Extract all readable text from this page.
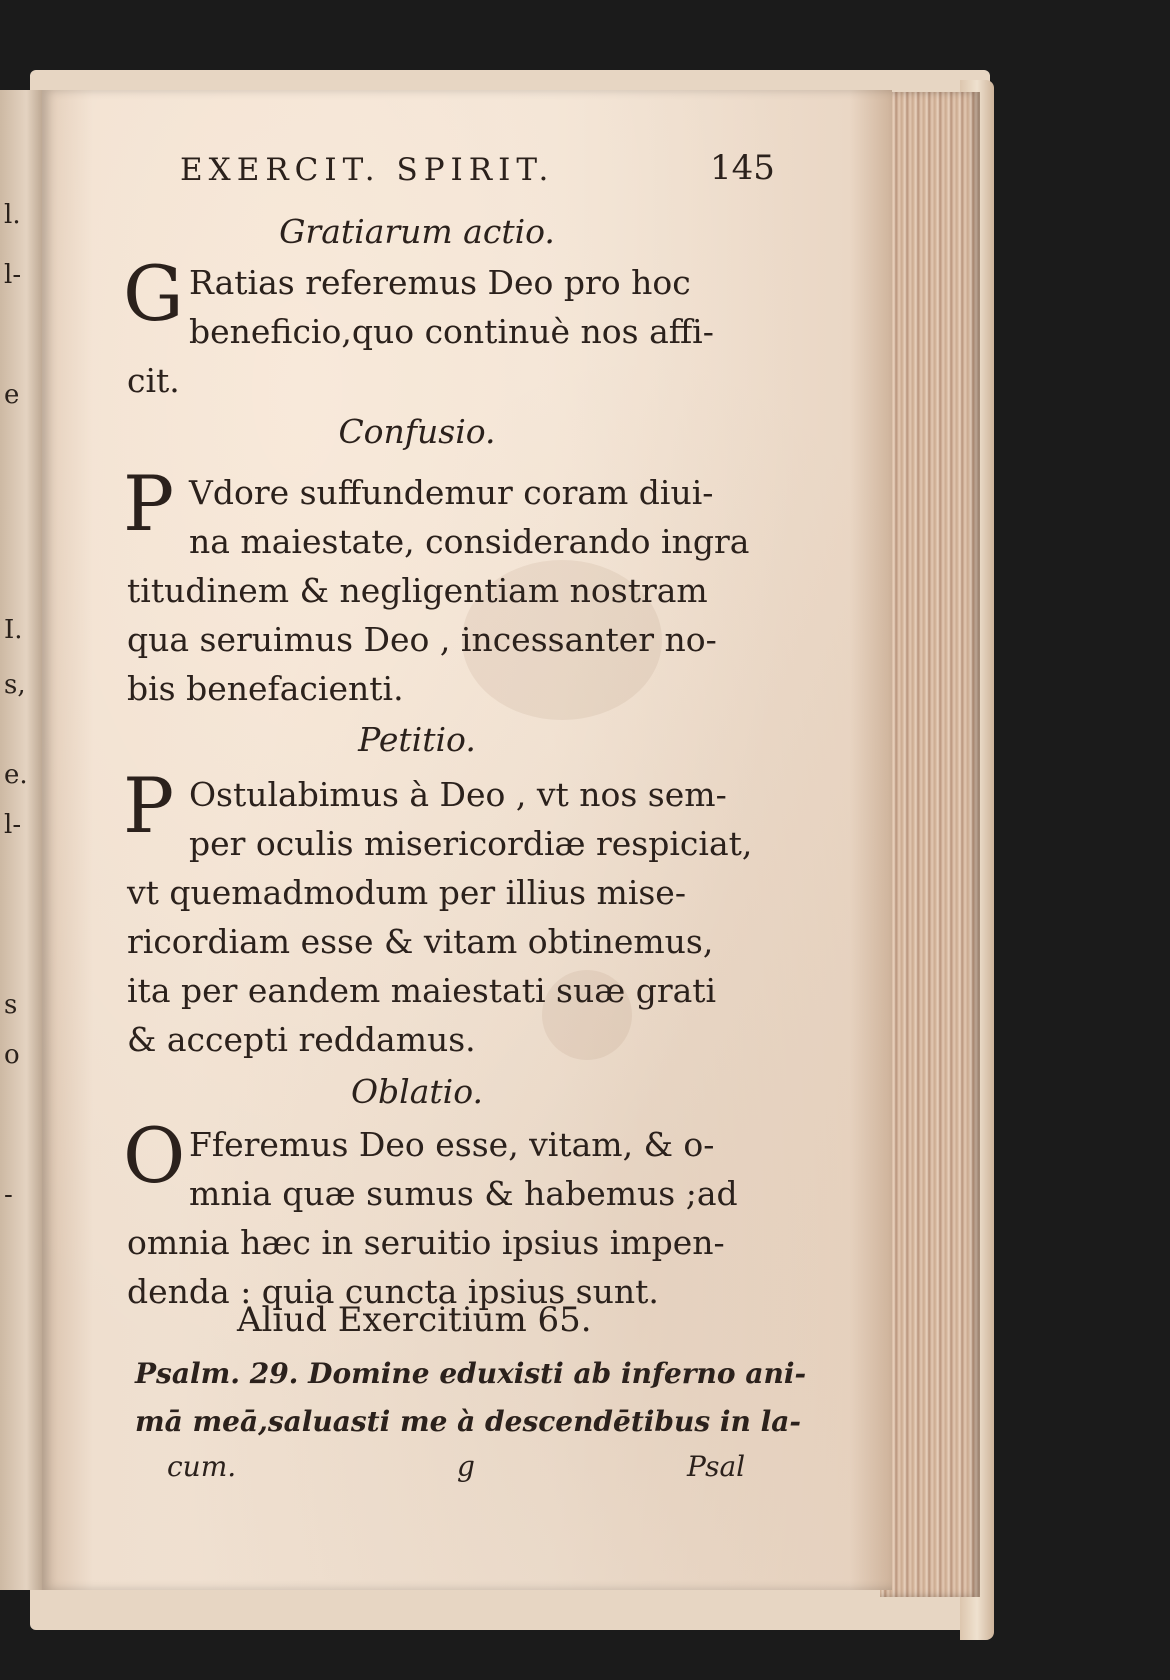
l.
l-
e
I.
s,
e.
l-
s
o
-
EXERCIT. SPIRIT.	145
Gratiarum actio.
G Ratias referemus Deo pro hoc
beneficio,quo continuè nos affi-
cit.
Confusio.
P Vdore suffundemur coram diui-
na maiestate, considerando ingra
titudinem & negligentiam nostram
qua seruimus Deo , incessanter no-
bis benefacienti.
Petitio.
P Ostulabimus à Deo , vt nos sem-
per oculis misericordiæ respiciat,
vt quemadmodum per illius mise-
ricordiam esse & vitam obtinemus,
ita per eandem maiestati suæ grati
& accepti reddamus.
Oblatio.
O Fferemus Deo esse, vitam, & o-
mnia quæ sumus & habemus ;ad
omnia hæc in seruitio ipsius impen-
denda : quia cuncta ipsius sunt.
Aliud Exercitium 65.
Psalm. 29. Domine eduxisti ab inferno ani-
mā meā,saluasti me à descendētibus in la-
cum.	g	Psal
